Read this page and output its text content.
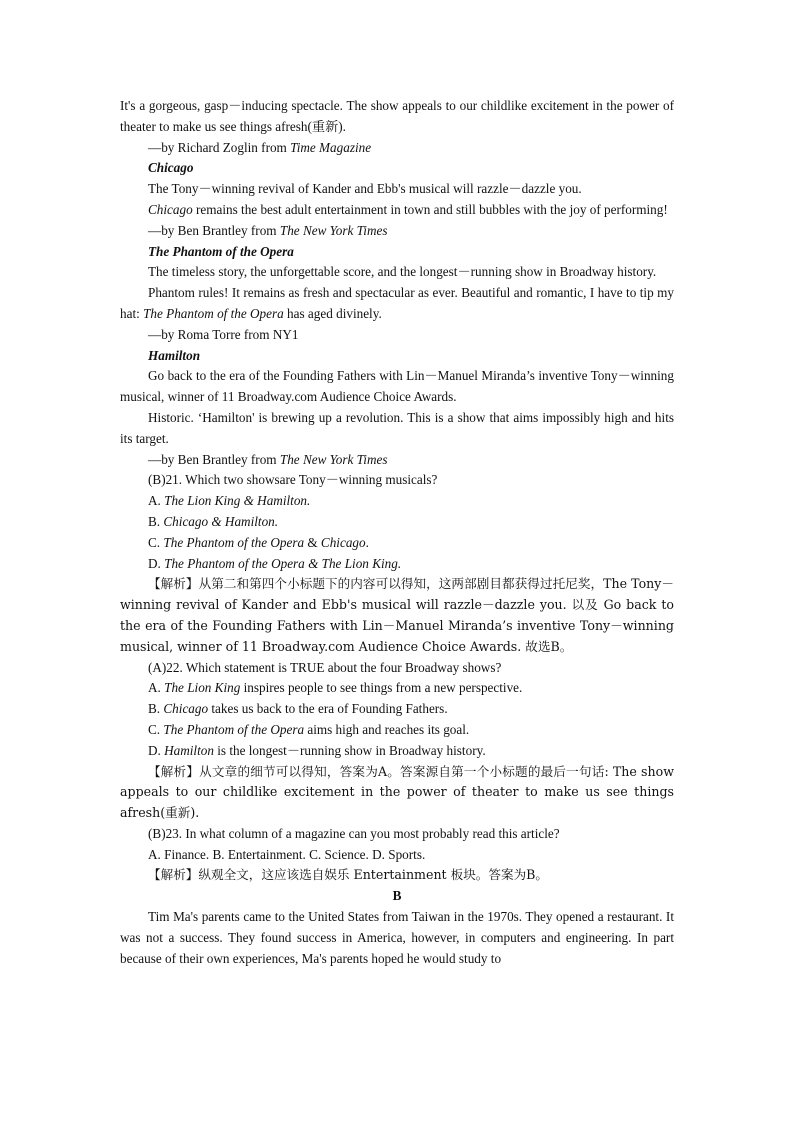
It's a gorgeous, gasp－inducing spectacle. The show appeals to our childlike excitement in the power of theater to make us see things afresh(重新).

—by Richard Zoglin from Time Magazine

Chicago

The Tony－winning revival of Kander and Ebb's musical will razzle－dazzle you.

Chicago remains the best adult entertainment in town and still bubbles with the joy of performing!

—by Ben Brantley from The New York Times

The Phantom of the Opera

The timeless story, the unforgettable score, and the longest－running show in Broadway history.

Phantom rules! It remains as fresh and spectacular as ever. Beautiful and romantic, I have to tip my hat: The Phantom of the Opera has aged divinely.

—by Roma Torre from NY1

Hamilton

Go back to the era of the Founding Fathers with Lin－Manuel Miranda’s inventive Tony－winning musical, winner of 11 Broadway.com Audience Choice Awards.

Historic. ‘Hamilton' is brewing up a revolution. This is a show that aims impossibly high and hits its target.

—by Ben Brantley from The New York Times

(B)21. Which two showsare Tony－winning musicals?

A. The Lion King & Hamilton.

B. Chicago & Hamilton.

C. The Phantom of the Opera & Chicago.

D. The Phantom of the Opera & The Lion King.

【解析】从第二和第四个小标题下的内容可以得知，这两部剧目都获得过托尼奖，The Tony－winning revival of Kander and Ebb's musical will razzle－dazzle you. 以及 Go back to the era of the Founding Fathers with Lin－Manuel Miranda’s inventive Tony－winning musical, winner of 11 Broadway.com Audience Choice Awards. 故选B。

(A)22. Which statement is TRUE about the four Broadway shows?

A. The Lion King inspires people to see things from a new perspective.

B. Chicago takes us back to the era of Founding Fathers.

C. The Phantom of the Opera aims high and reaches its goal.

D. Hamilton is the longest－running show in Broadway history.

【解析】从文章的细节可以得知，答案为A。答案源自第一个小标题的最后一句话: The show appeals to our childlike excitement in the power of theater to make us see things afresh(重新).

(B)23. In what column of a magazine can you most probably read this article?

A. Finance. B. Entertainment. C. Science. D. Sports.

【解析】纵观全文，这应该选自娱乐 Entertainment 板块。答案为B。

B

Tim Ma's parents came to the United States from Taiwan in the 1970s. They opened a restaurant. It was not a success. They found success in America, however, in computers and engineering. In part because of their own experiences, Ma's parents hoped he would study to
